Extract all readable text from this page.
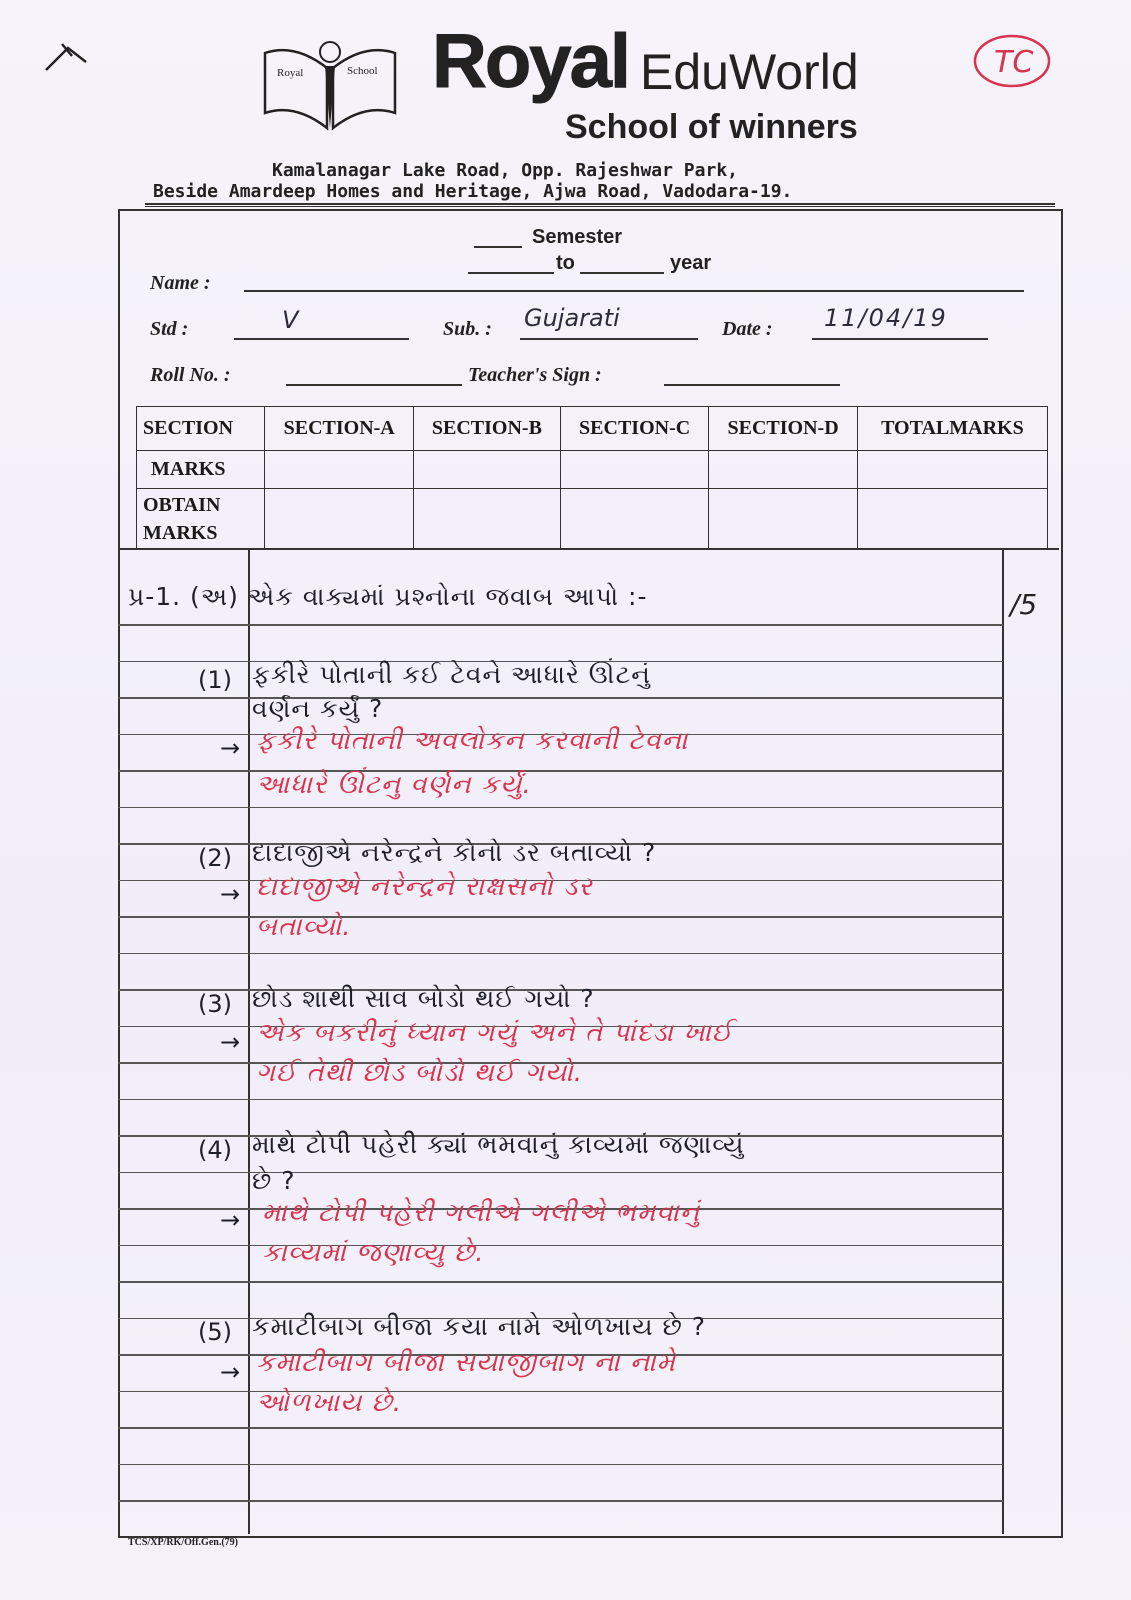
Royal	School Royal EduWorld
School of winners
Kamalanagar Lake Road, Opp. Rajeshwar Park,
Beside Amardeep Homes and Heritage, Ajwa Road, Vadodara-19.
TC
Semester
to	year
Name :
Std :	V	Sub. : Gujarati	Date : 11/04/19
Roll No. :	Teacher's Sign :
SECTION	SECTION-A	SECTION-B	SECTION-C	SECTION-D	TOTALMARKS
MARKS					
OBTAIN
MARKS					
પ્ર-1. (અ) એક વાક્યમાં પ્રશ્નોના જવાબ આપો :-	/5
(1) ફકીરે પોતાની કઈ ટેવને આધારે ઊંટનું
વર્ણન કર્યું ?
→ ફકીરે પોતાની અવલોકન કરવાની ટેવના
આધારે ઊંટનુ વર્ણન કર્યું.
(2) દાદાજીએ નરેન્દ્રને કોનો ડર બતાવ્યો ?
→ દાદાજીએ નરેન્દ્રને રાક્ષસનો ડર
બતાવ્યો.
(3) છોડ શાથી સાવ બોડો થઈ ગયો ?
→ એક બકરીનું ધ્યાન ગયું અને તે પાંદડા ખાઈ
ગઈ તેથી છોડ બોડો થઈ ગયો.
(4) માથે ટોપી પહેરી ક્યાં ભમવાનું કાવ્યમાં જણાવ્યું
છે ?
→ માથે ટોપી પહેરી ગલીએ ગલીએ ભમવાનું
કાવ્યમાં જણાવ્યુ છે.
(5) કમાટીબાગ બીજા કયા નામે ઓળખાય છે ?
→ કમાટીબાગ બીજા સયાજીબાગ ના નામે
ઓળખાય છે.
TCS/XP/RK/Off.Gen.(79)
